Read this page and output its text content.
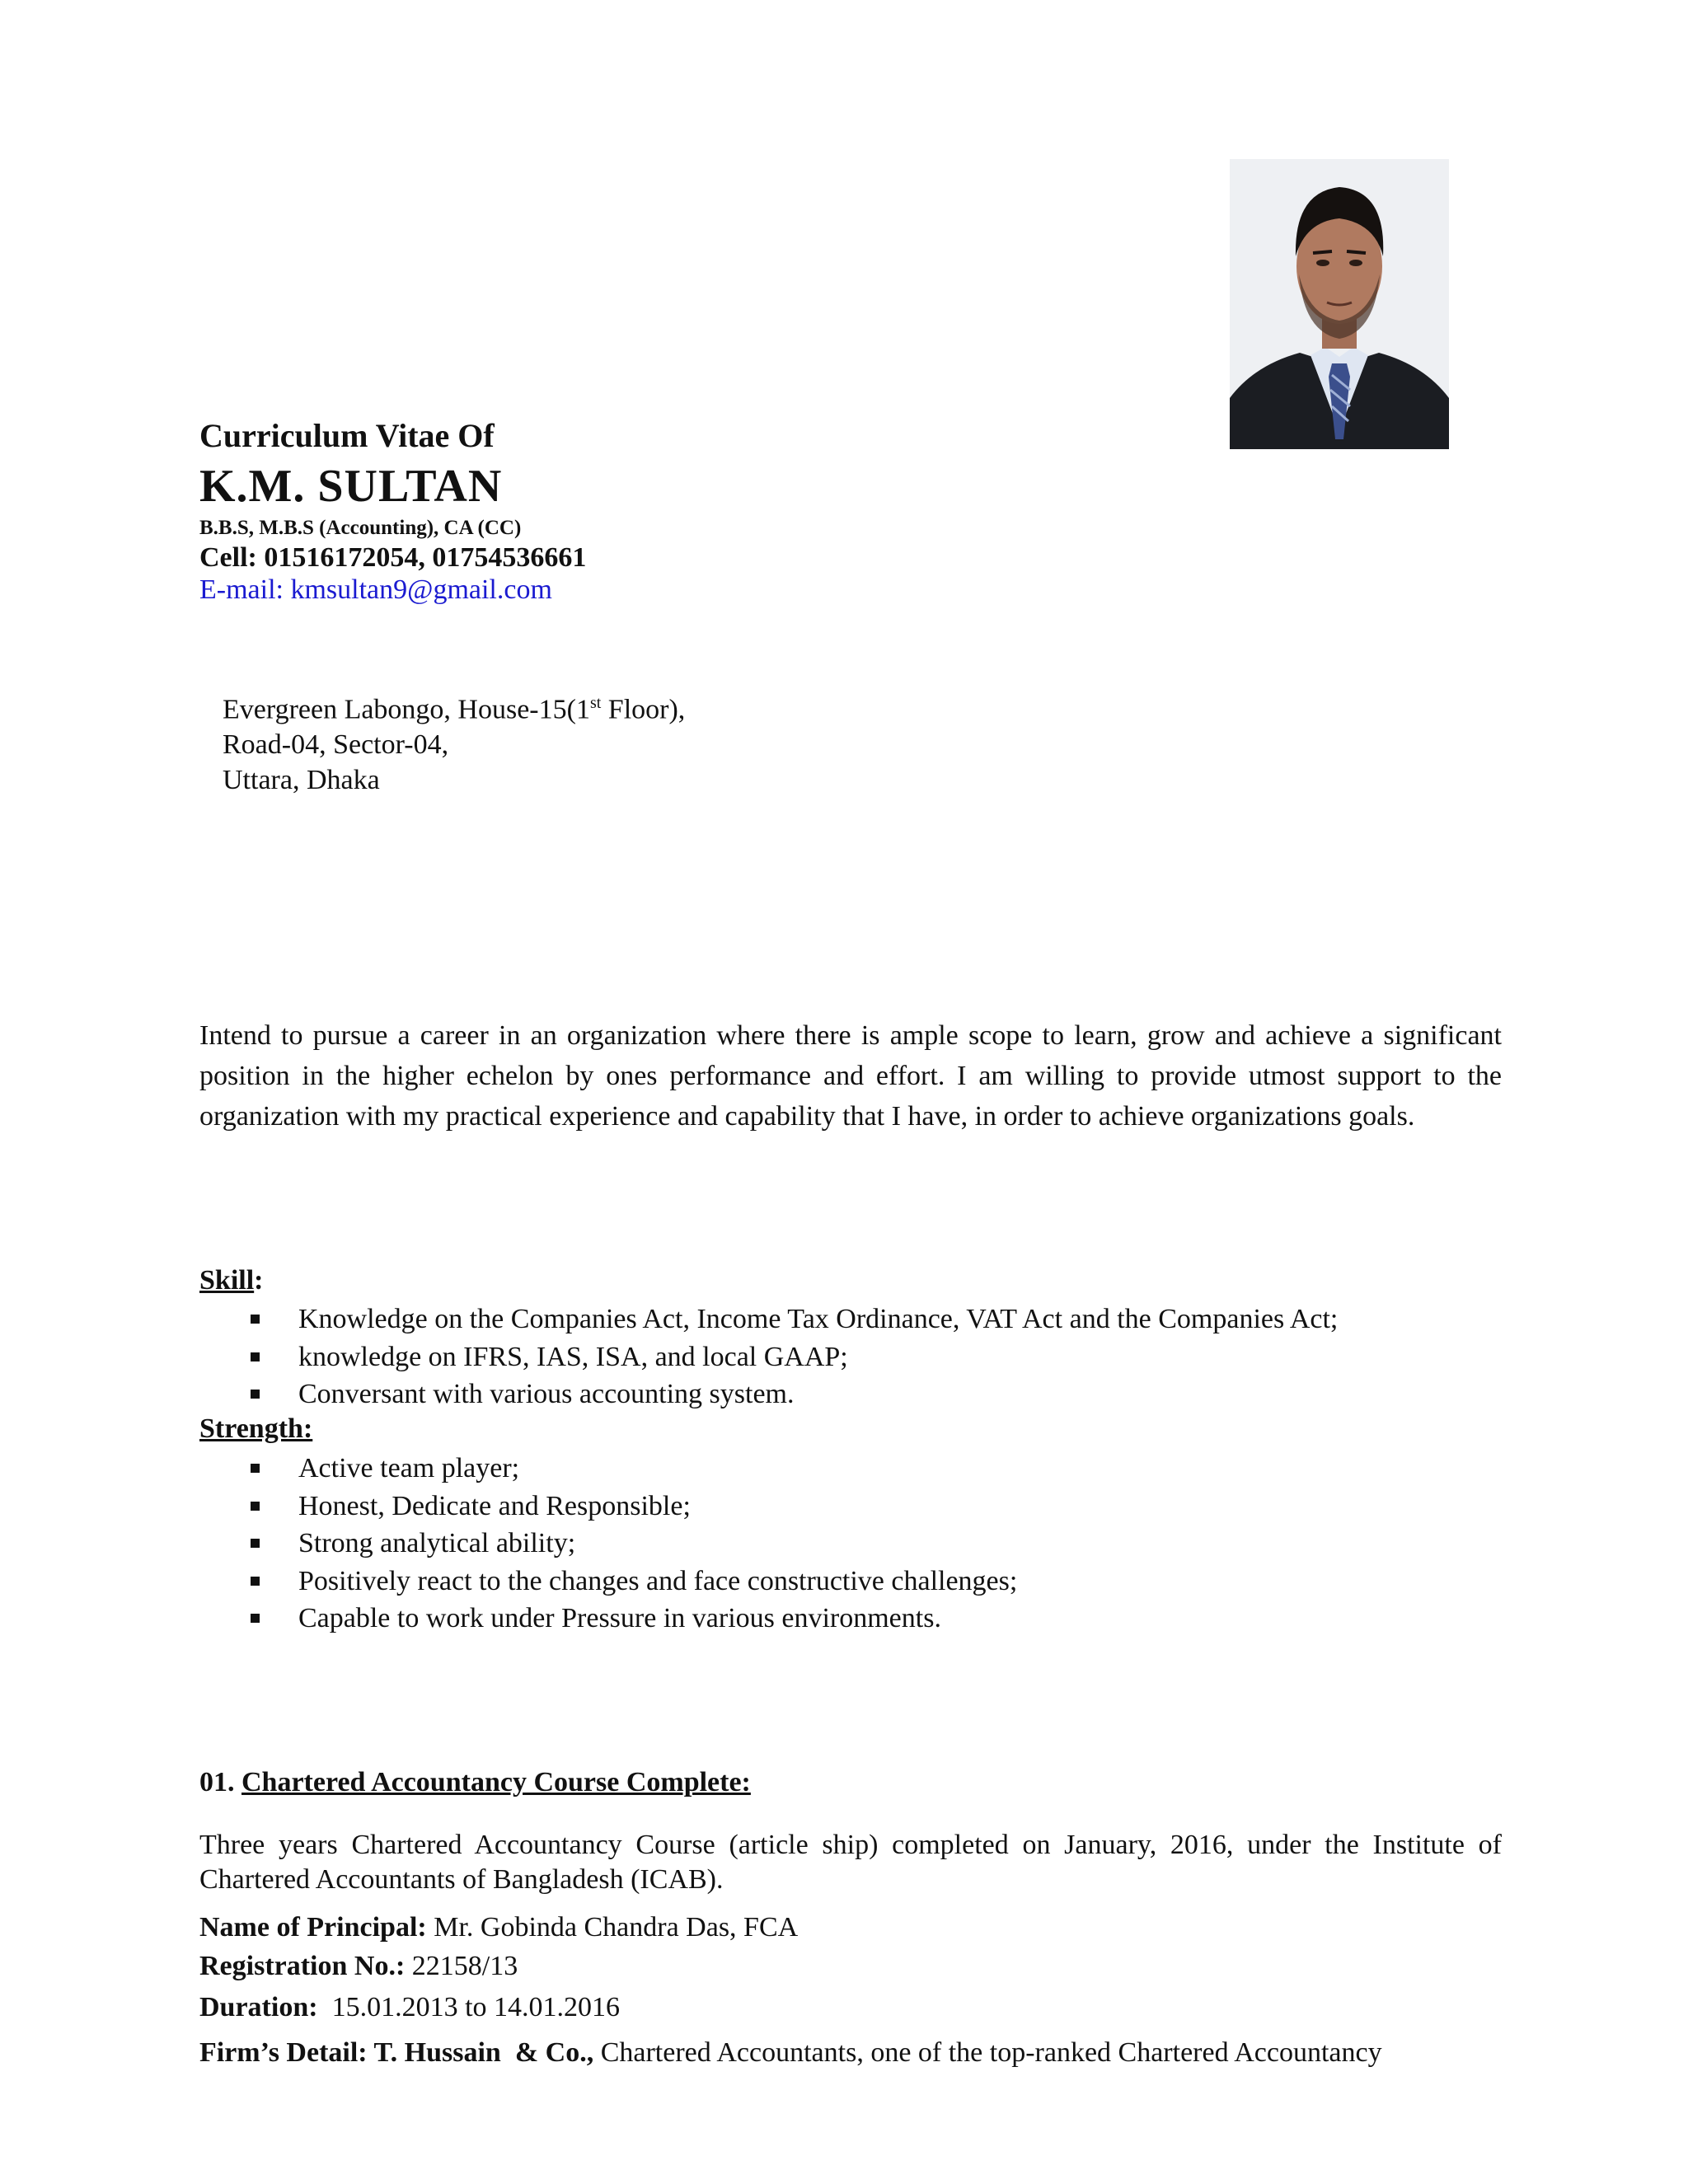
Curriculum Vitae Of
K.M. SULTAN
B.B.S, M.B.S (Accounting), CA (CC)
Cell: 01516172054, 01754536661
E-mail: kmsultan9@gmail.com
Evergreen Labongo, House-15(1st Floor),
Road-04, Sector-04,
Uttara, Dhaka
Intend to pursue a career in an organization where there is ample scope to learn, grow and achieve a significant position in the higher echelon by ones performance and effort. I am willing to provide utmost support to the organization with my practical experience and capability that I have, in order to achieve organizations goals.
Skill:
Knowledge on the Companies Act, Income Tax Ordinance, VAT Act and the Companies Act;
knowledge on IFRS, IAS, ISA, and local GAAP;
Conversant with various accounting system.
Strength:
Active team player;
Honest, Dedicate and Responsible;
Strong analytical ability;
Positively react to the changes and face constructive challenges;
Capable to work under Pressure in various environments.
01. Chartered Accountancy Course Complete:
Three years Chartered Accountancy Course (article ship) completed on January, 2016, under the Institute of Chartered Accountants of Bangladesh (ICAB).
Name of Principal: Mr. Gobinda Chandra Das, FCA
Registration No.: 22158/13
Duration:  15.01.2013 to 14.01.2016
Firm’s Detail: T. Hussain  & Co., Chartered Accountants, one of the top-ranked Chartered Accountancy
